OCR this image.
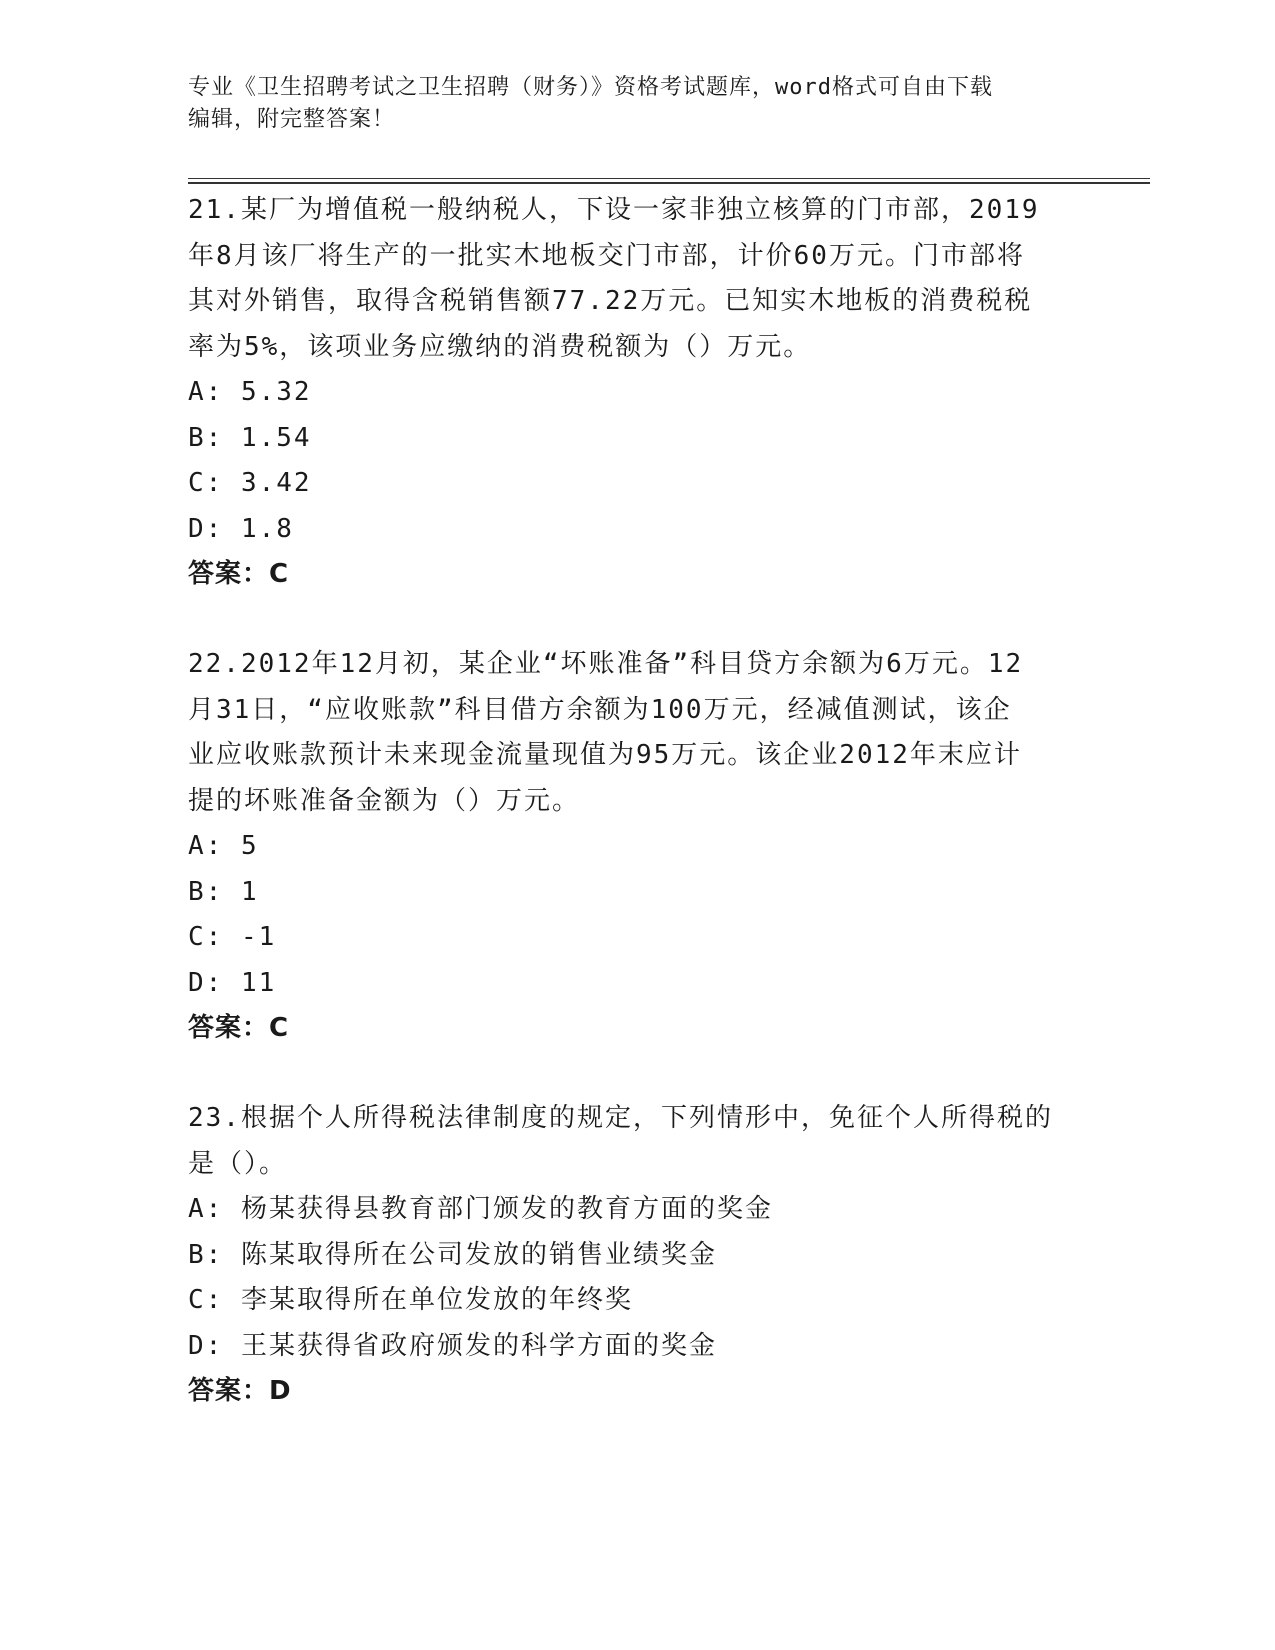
专业《卫生招聘考试之卫生招聘（财务）》资格考试题库，word格式可自由下载
编辑，附完整答案！

21.某厂为增值税一般纳税人，下设一家非独立核算的门市部，2019
年8月该厂将生产的一批实木地板交门市部，计价60万元。门市部将
其对外销售，取得含税销售额77.22万元。已知实木地板的消费税税
率为5%，该项业务应缴纳的消费税额为（）万元。

A: 5.32
B: 1.54
C: 3.42
D: 1.8
答案：C

22.2012年12月初，某企业“坏账准备”科目贷方余额为6万元。12
月31日，“应收账款”科目借方余额为100万元，经减值测试，该企
业应收账款预计未来现金流量现值为95万元。该企业2012年末应计
提的坏账准备金额为（）万元。

A: 5
B: 1
C: -1
D: 11
答案：C

23.根据个人所得税法律制度的规定，下列情形中，免征个人所得税的
是（）。

A: 杨某获得县教育部门颁发的教育方面的奖金
B: 陈某取得所在公司发放的销售业绩奖金
C: 李某取得所在单位发放的年终奖
D: 王某获得省政府颁发的科学方面的奖金
答案：D
